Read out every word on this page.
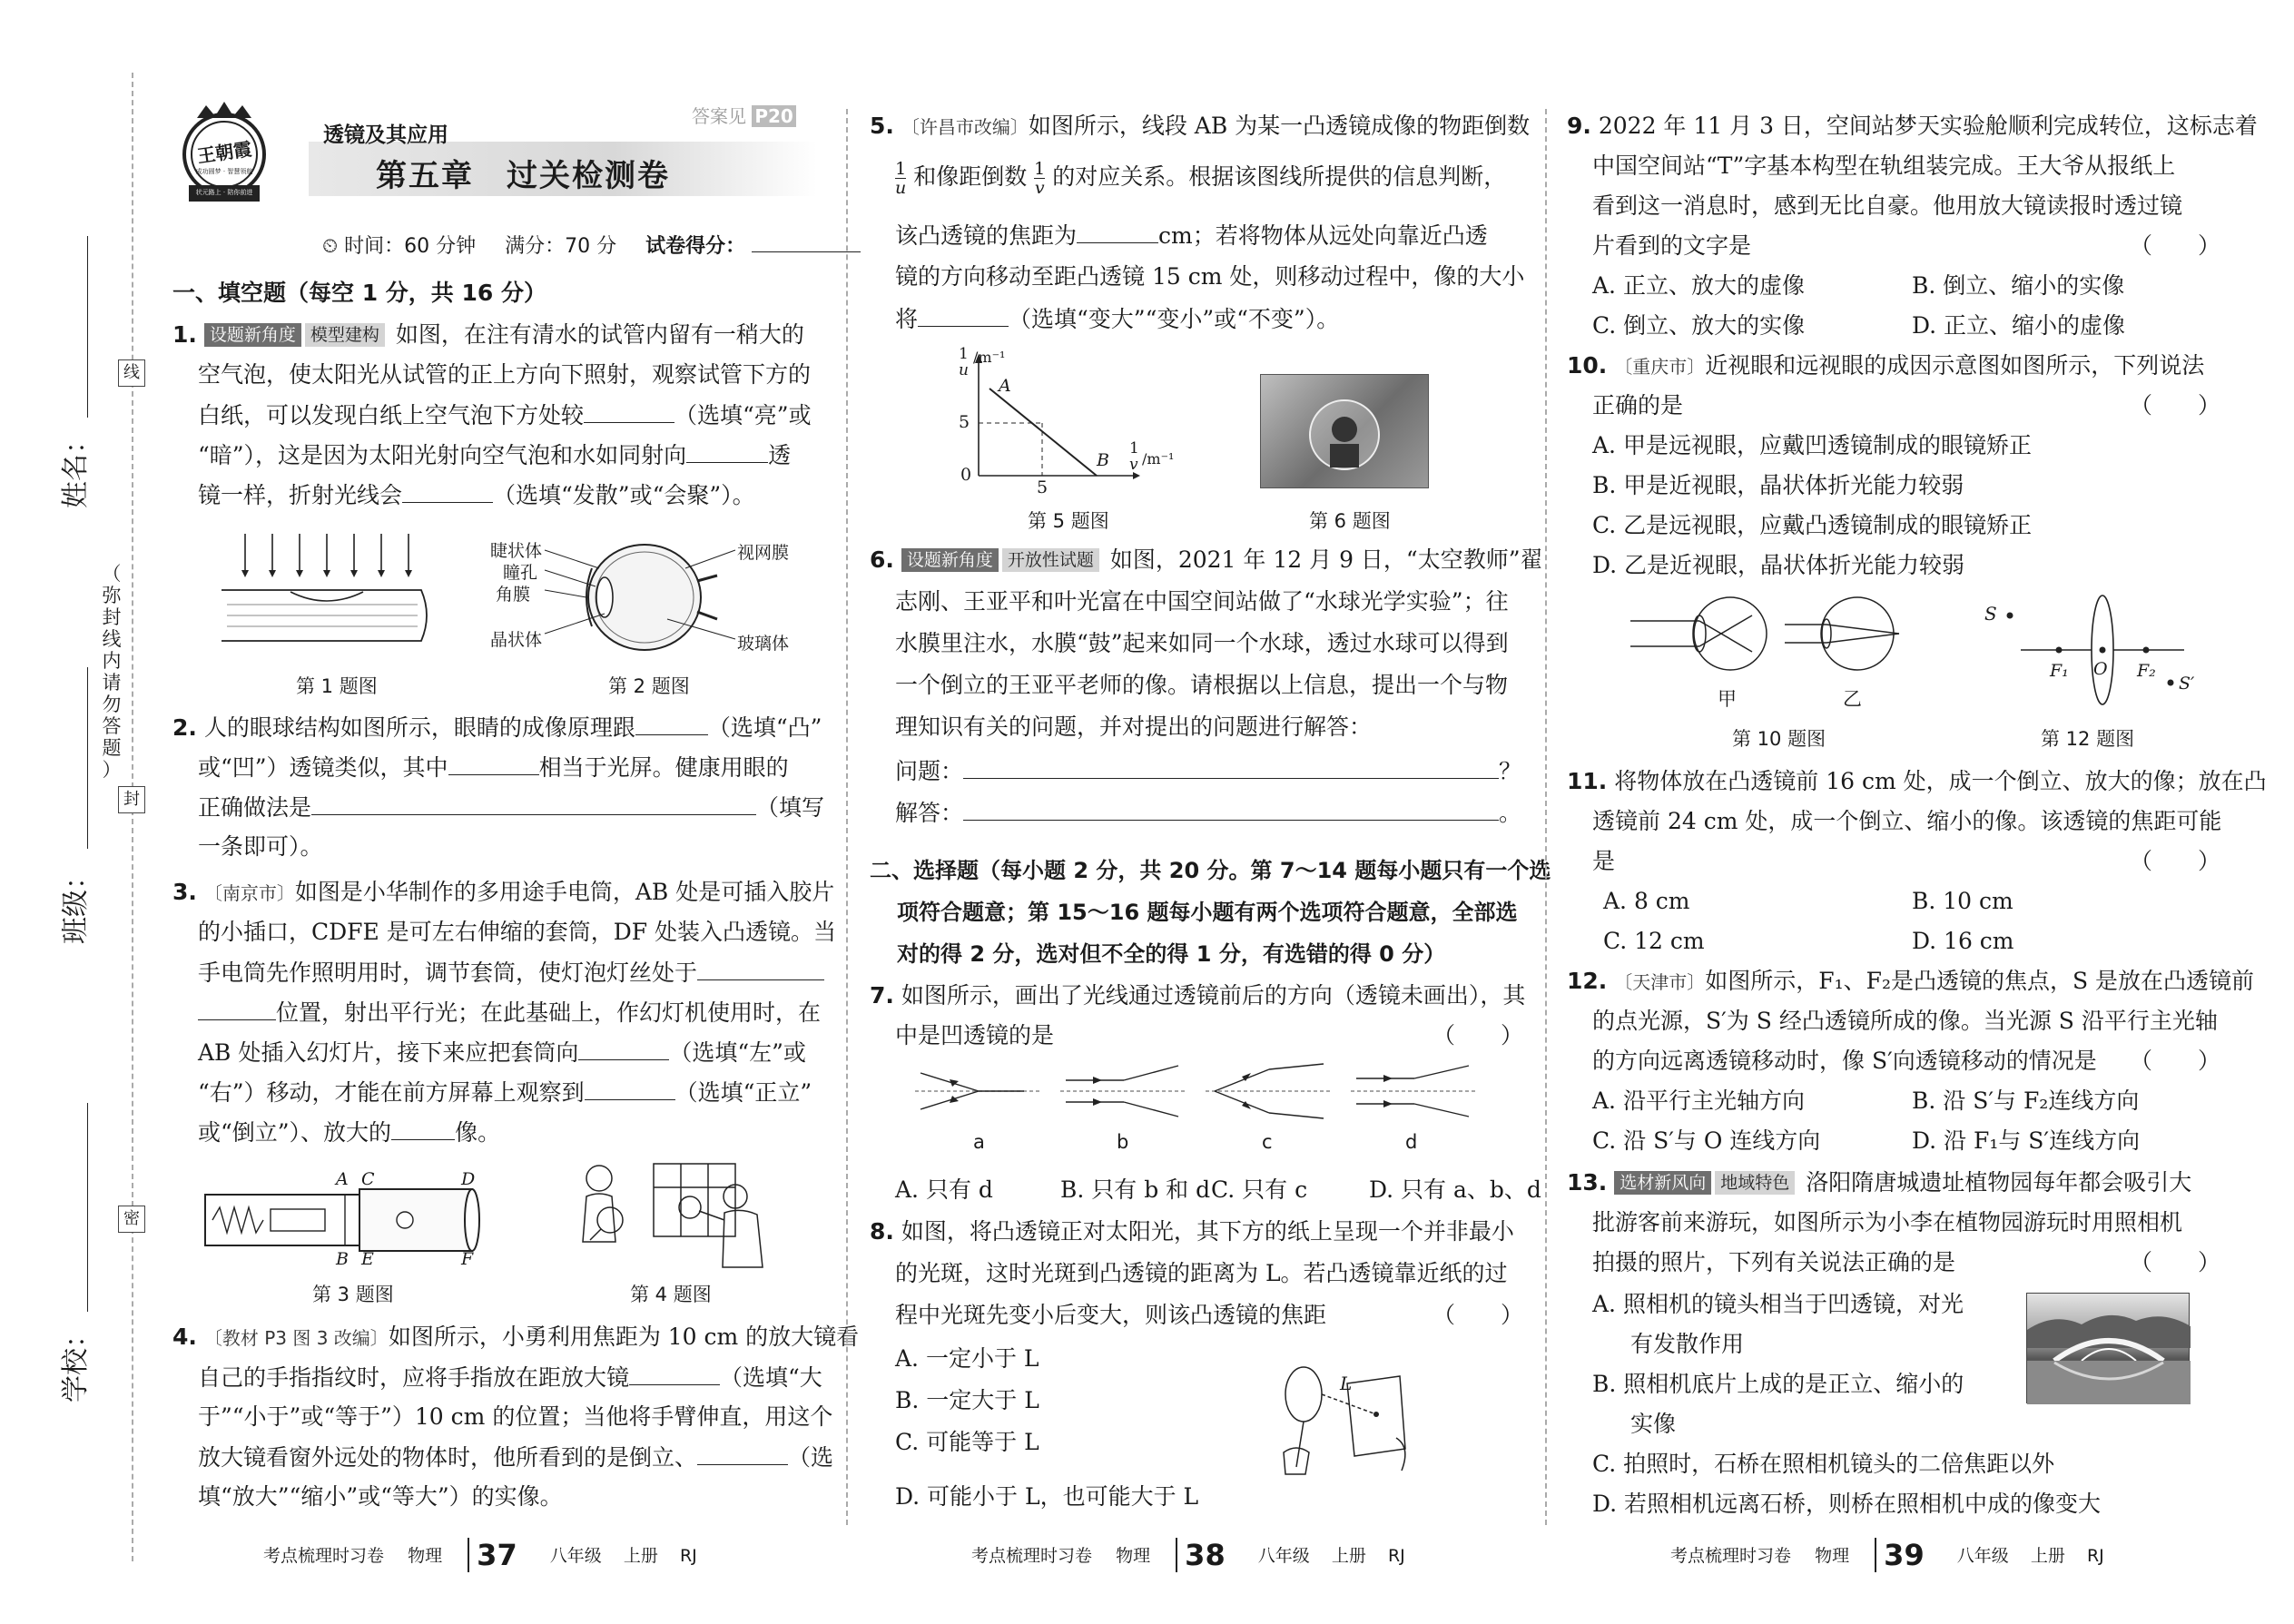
姓名：
班级：
学校：
（
弥封线内请勿答题
）
线
封
密
王朝霞
成功圆梦 · 智慧领航
状元路上 · 陪你前进
透镜及其应用
第五章　过关检测卷
答案见 P20
⏲ 时间：60 分钟 满分：70 分 试卷得分：
一、填空题（每空 1 分，共 16 分）
1. 设题新角度 模型建构 如图，在注有清水的试管内留有一稍大的
空气泡，使太阳光从试管的正上方向下照射，观察试管下方的
白纸，可以发现白纸上空气泡下方处较	（选填“亮”或
“暗”），这是因为太阳光射向空气泡和水如同射向	透
镜一样，折射光线会	（选填“发散”或“会聚”）。
第 1 题图
睫状体
瞳孔
角膜
晶状体
视网膜
玻璃体
第 2 题图
2. 人的眼球结构如图所示，眼睛的成像原理跟	（选填“凸”
或“凹”）透镜类似，其中	相当于光屏。健康用眼的
正确做法是	（填写
一条即可）。
3. 〔南京市〕如图是小华制作的多用途手电筒，AB 处是可插入胶片
的小插口，CDFE 是可左右伸缩的套筒，DF 处装入凸透镜。当
手电筒先作照明用时，调节套筒，使灯泡灯丝处于
位置，射出平行光；在此基础上，作幻灯机使用时，在
AB 处插入幻灯片，接下来应把套筒向	（选填“左”或
“右”）移动，才能在前方屏幕上观察到	（选填“正立”
或“倒立”）、放大的	像。
A C	D
B E	F
第 3 题图	第 4 题图
4. 〔教材 P3 图 3 改编〕如图所示，小勇利用焦距为 10 cm 的放大镜看
自己的手指指纹时，应将手指放在距放大镜	（选填“大
于”“小于”或“等于”）10 cm 的位置；当他将手臂伸直，用这个
放大镜看窗外远处的物体时，他所看到的是倒立、	（选
填“放大”“缩小”或“等大”）的实像。
考点梳理时习卷 物理 37 八年级 上册 RJ
5. 〔许昌市改编〕如图所示，线段 AB 为某一凸透镜成像的物距倒数
$\frac{1}{u}$ 和像距倒数 $\frac{1}{v}$ 的对应关系。根据该图线所提供的信息判断，
该凸透镜的焦距为	cm；若将物体从远处向靠近凸透
镜的方向移动至距凸透镜 15 cm 处，则移动过程中，像的大小
将	（选填“变大”“变小”或“不变”）。
1
u
/m⁻¹
A
B
1
v /m⁻¹
5
5
0
第 5 题图	第 6 题图
6. 设题新角度 开放性试题 如图，2021 年 12 月 9 日，“太空教师”翟
志刚、王亚平和叶光富在中国空间站做了“水球光学实验”；往
水膜里注水，水膜“鼓”起来如同一个水球，透过水球可以得到
一个倒立的王亚平老师的像。请根据以上信息，提出一个与物
理知识有关的问题，并对提出的问题进行解答：
问题：	？
解答：	。
二、选择题（每小题 2 分，共 20 分。第 7～14 题每小题只有一个选
项符合题意；第 15～16 题每小题有两个选项符合题意，全部选
对的得 2 分，选对但不全的得 1 分，有选错的得 0 分）
7. 如图所示，画出了光线通过透镜前后的方向（透镜未画出），其
中是凹透镜的是	（　　）
a	b	c	d
A. 只有 d	B. 只有 b 和 d C. 只有 c	D. 只有 a、b、d
8. 如图，将凸透镜正对太阳光，其下方的纸上呈现一个并非最小
的光斑，这时光斑到凸透镜的距离为 L。若凸透镜靠近纸的过
程中光斑先变小后变大，则该凸透镜的焦距	（　　）
A. 一定小于 L
B. 一定大于 L
C. 可能等于 L
D. 可能小于 L，也可能大于 L
L
考点梳理时习卷 物理 38 八年级 上册 RJ
9. 2022 年 11 月 3 日，空间站梦天实验舱顺利完成转位，这标志着
中国空间站“T”字基本构型在轨组装完成。王大爷从报纸上
看到这一消息时，感到无比自豪。他用放大镜读报时透过镜
片看到的文字是	（　　）
A. 正立、放大的虚像	B. 倒立、缩小的实像
C. 倒立、放大的实像	D. 正立、缩小的虚像
10. 〔重庆市〕近视眼和远视眼的成因示意图如图所示，下列说法
正确的是	（　　）
A. 甲是远视眼，应戴凹透镜制成的眼镜矫正
B. 甲是近视眼，晶状体折光能力较弱
C. 乙是远视眼，应戴凸透镜制成的眼镜矫正
D. 乙是近视眼，晶状体折光能力较弱
甲	乙
第 10 题图
S
F₁ O F₂
S′
第 12 题图
11. 将物体放在凸透镜前 16 cm 处，成一个倒立、放大的像；放在凸
透镜前 24 cm 处，成一个倒立、缩小的像。该透镜的焦距可能
是	（　　）
A. 8 cm	B. 10 cm
C. 12 cm	D. 16 cm
12. 〔天津市〕如图所示，F₁、F₂是凸透镜的焦点，S 是放在凸透镜前
的点光源，S′为 S 经凸透镜所成的像。当光源 S 沿平行主光轴
的方向远离透镜移动时，像 S′向透镜移动的情况是 （　　）
A. 沿平行主光轴方向	B. 沿 S′与 F₂连线方向
C. 沿 S′与 O 连线方向	D. 沿 F₁与 S′连线方向
13. 选材新风向 地域特色 洛阳隋唐城遗址植物园每年都会吸引大
批游客前来游玩，如图所示为小李在植物园游玩时用照相机
拍摄的照片，下列有关说法正确的是	（　　）
A. 照相机的镜头相当于凹透镜，对光
有发散作用
B. 照相机底片上成的是正立、缩小的
实像
C. 拍照时，石桥在照相机镜头的二倍焦距以外
D. 若照相机远离石桥，则桥在照相机中成的像变大
考点梳理时习卷 物理 39 八年级 上册 RJ
